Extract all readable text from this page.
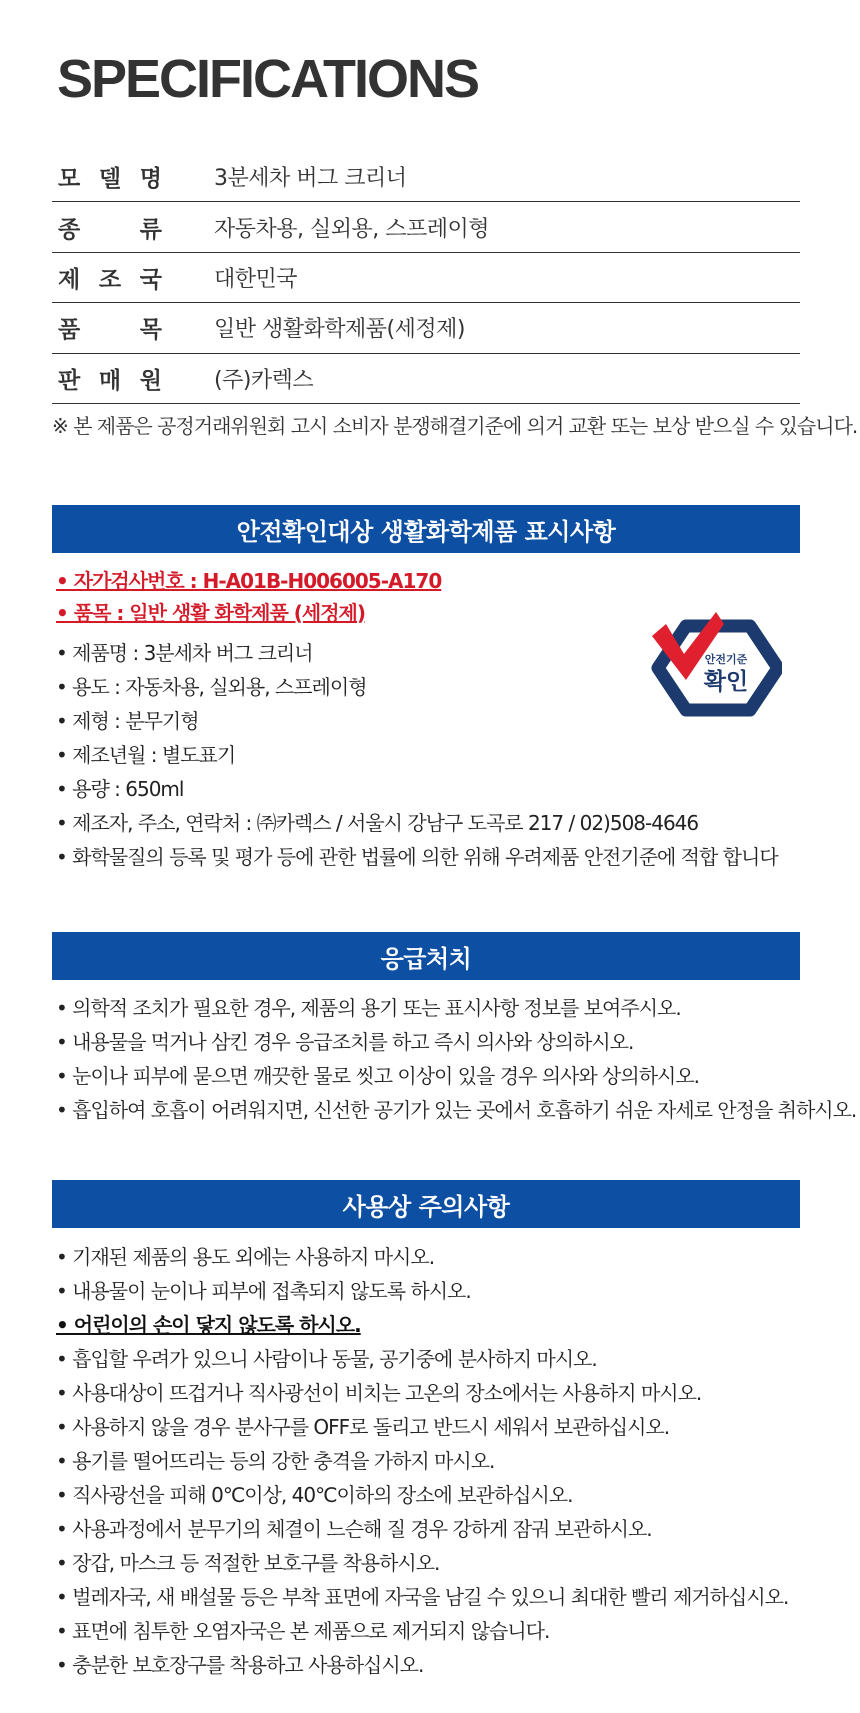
SPECIFICATIONS
모 델 명 3분세차 버그 크리너
종	류 자동차용, 실외용, 스프레이형
제 조 국 대한민국
품	목 일반 생활화학제품(세정제)
판 매 원 (주)카렉스

※ 본 제품은 공정거래위원회 고시 소비자 분쟁해결기준에 의거 교환 또는 보상 받으실 수 있습니다.

안전확인대상 생활화학제품 표시사항
• 자가검사번호 : H-A01B-H006005-A170
• 품목 : 일반 생활 화학제품 (세정제)
• 제품명 : 3분세차 버그 크리너
• 용도 : 자동차용, 실외용, 스프레이형
• 제형 : 분무기형
• 제조년월 : 별도표기
• 용량 : 650ml
• 제조자, 주소, 연락처 : ㈜카렉스 / 서울시 강남구 도곡로 217 / 02)508-4646
• 화학물질의 등록 및 평가 등에 관한 법률에 의한 위해 우려제품 안전기준에 적합 합니다
안전기준
확인
응급처치
• 의학적 조치가 필요한 경우, 제품의 용기 또는 표시사항 정보를 보여주시오.
• 내용물을 먹거나 삼킨 경우 응급조치를 하고 즉시 의사와 상의하시오.
• 눈이나 피부에 묻으면 깨끗한 물로 씻고 이상이 있을 경우 의사와 상의하시오.
• 흡입하여 호흡이 어려워지면, 신선한 공기가 있는 곳에서 호흡하기 쉬운 자세로 안정을 취하시오.
사용상 주의사항
• 기재된 제품의 용도 외에는 사용하지 마시오.
• 내용물이 눈이나 피부에 접촉되지 않도록 하시오.
• 어린이의 손이 닿지 않도록 하시오.
• 흡입할 우려가 있으니 사람이나 동물, 공기중에 분사하지 마시오.
• 사용대상이 뜨겁거나 직사광선이 비치는 고온의 장소에서는 사용하지 마시오.
• 사용하지 않을 경우 분사구를 OFF로 돌리고 반드시 세워서 보관하십시오.
• 용기를 떨어뜨리는 등의 강한 충격을 가하지 마시오.
• 직사광선을 피해 0℃이상, 40℃이하의 장소에 보관하십시오.
• 사용과정에서 분무기의 체결이 느슨해 질 경우 강하게 잠궈 보관하시오.
• 장갑, 마스크 등 적절한 보호구를 착용하시오.
• 벌레자국, 새 배설물 등은 부착 표면에 자국을 남길 수 있으니 최대한 빨리 제거하십시오.
• 표면에 침투한 오염자국은 본 제품으로 제거되지 않습니다.
• 충분한 보호장구를 착용하고 사용하십시오.
